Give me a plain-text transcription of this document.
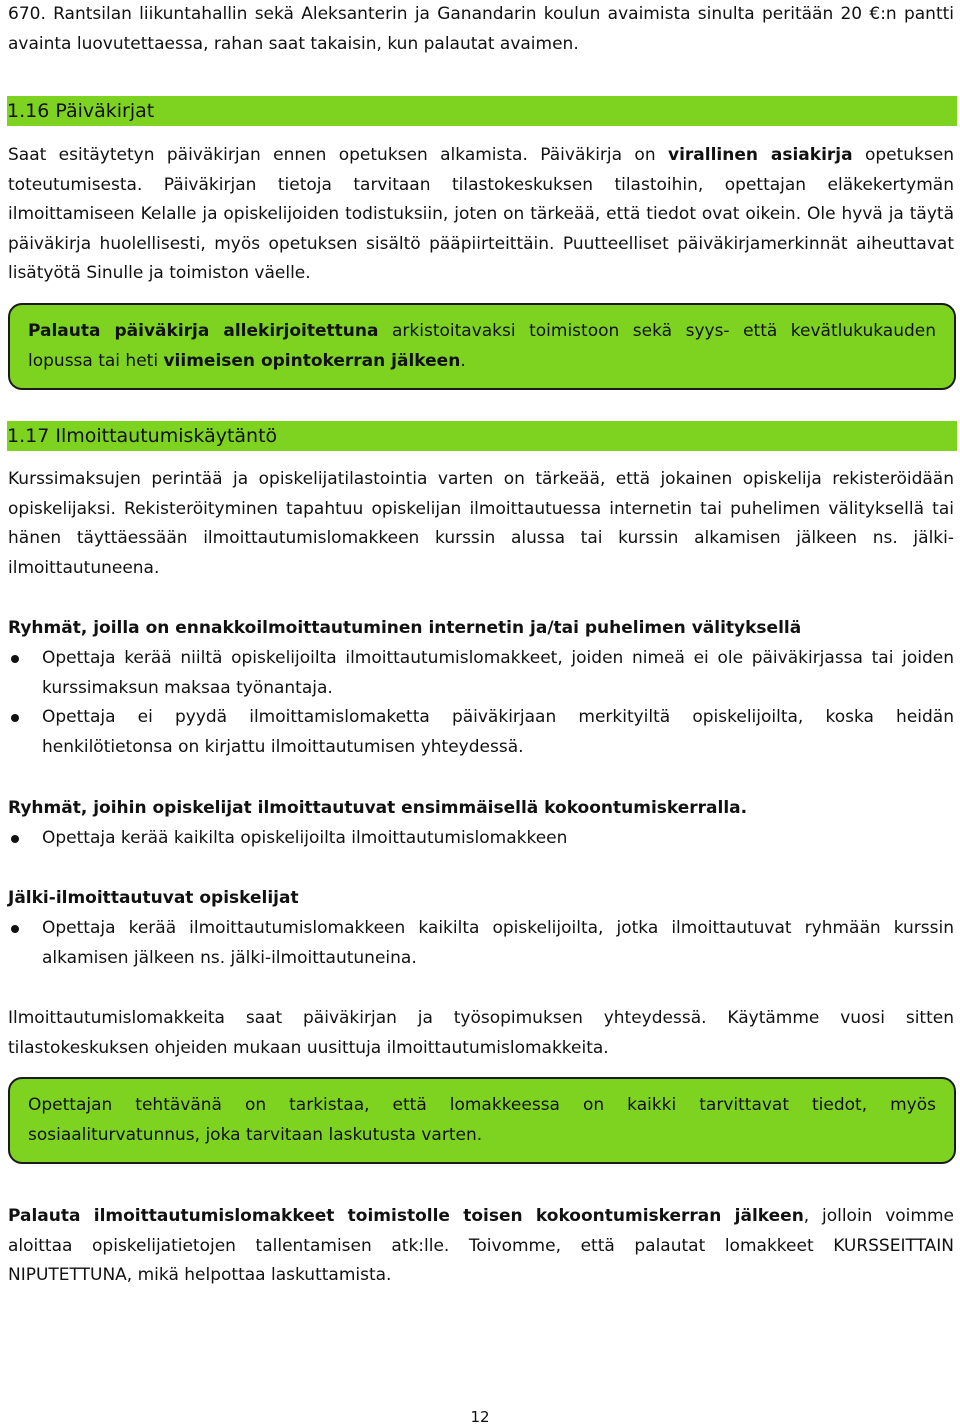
670. Rantsilan liikuntahallin sekä Aleksanterin ja Ganandarin koulun avaimista sinulta peritään 20 €:n pantti avainta luovutettaessa, rahan saat takaisin, kun palautat avaimen.

1.16 Päiväkirjat

Saat esitäytetyn päiväkirjan ennen opetuksen alkamista. Päiväkirja on virallinen asiakirja opetuksen toteutumisesta. Päiväkirjan tietoja tarvitaan tilastokeskuksen tilastoihin, opettajan eläkekertymän ilmoittamiseen Kelalle ja opiskelijoiden todistuksiin, joten on tärkeää, että tiedot ovat oikein. Ole hyvä ja täytä päiväkirja huolellisesti, myös opetuksen sisältö pääpiirteittäin. Puutteelliset päiväkirjamerkinnät aiheuttavat lisätyötä Sinulle ja toimiston väelle.

Palauta päiväkirja allekirjoitettuna arkistoitavaksi toimistoon sekä syys- että kevätlukukauden lopussa tai heti viimeisen opintokerran jälkeen.
1.17 Ilmoittautumiskäytäntö

Kurssimaksujen perintää ja opiskelijatilastointia varten on tärkeää, että jokainen opiskelija rekisteröidään opiskelijaksi. Rekisteröityminen tapahtuu opiskelijan ilmoittautuessa internetin tai puhelimen välityksellä tai hänen täyttäessään ilmoittautumislomakkeen kurssin alussa tai kurssin alkamisen jälkeen ns. jälki-ilmoittautuneena.

Ryhmät, joilla on ennakkoilmoittautuminen internetin ja/tai puhelimen välityksellä
Opettaja kerää niiltä opiskelijoilta ilmoittautumislomakkeet, joiden nimeä ei ole päiväkirjassa tai joiden kurssimaksun maksaa työnantaja.
Opettaja ei pyydä ilmoittamislomaketta päiväkirjaan merkityiltä opiskelijoilta, koska heidän henkilötietonsa on kirjattu ilmoittautumisen yhteydessä.
Ryhmät, joihin opiskelijat ilmoittautuvat ensimmäisellä kokoontumiskerralla.
Opettaja kerää kaikilta opiskelijoilta ilmoittautumislomakkeen
Jälki-ilmoittautuvat opiskelijat
Opettaja kerää ilmoittautumislomakkeen kaikilta opiskelijoilta, jotka ilmoittautuvat ryhmään kurssin alkamisen jälkeen ns. jälki-ilmoittautuneina.

Ilmoittautumislomakkeita saat päiväkirjan ja työsopimuksen yhteydessä. Käytämme vuosi sitten tilastokeskuksen ohjeiden mukaan uusittuja ilmoittautumislomakkeita.

Opettajan tehtävänä on tarkistaa, että lomakkeessa on kaikki tarvittavat tiedot, myös sosiaaliturvatunnus, joka tarvitaan laskutusta varten.

Palauta ilmoittautumislomakkeet toimistolle toisen kokoontumiskerran jälkeen, jolloin voimme aloittaa opiskelijatietojen tallentamisen atk:lle. Toivomme, että palautat lomakkeet KURSSEITTAIN NIPUTETTUNA, mikä helpottaa laskuttamista.

12
